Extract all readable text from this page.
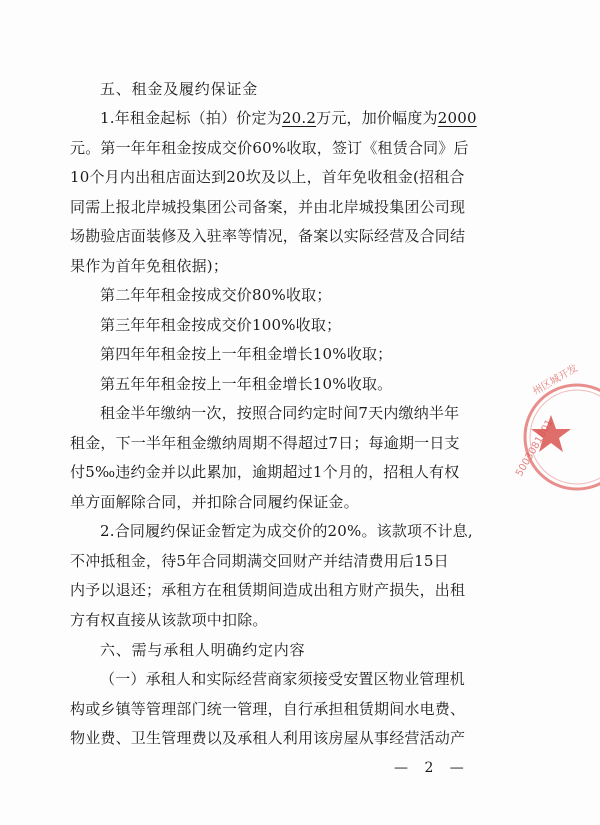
五、租金及履约保证金
1.年租金起标（拍）价定为20.2万元，加价幅度为2000
元。第一年年租金按成交价60%收取，签订《租赁合同》后
10个月内出租店面达到20坎及以上，首年免收租金(招租合
同需上报北岸城投集团公司备案，并由北岸城投集团公司现
场勘验店面装修及入驻率等情况，备案以实际经营及合同结
果作为首年免租依据)；
第二年年租金按成交价80%收取；
第三年年租金按成交价100%收取；
第四年年租金按上一年租金增长10%收取；
第五年年租金按上一年租金增长10%收取。
租金半年缴纳一次，按照合同约定时间7天内缴纳半年
租金，下一半年租金缴纳周期不得超过7日；每逾期一日支
付5‰违约金并以此累加，逾期超过1个月的，招租人有权
单方面解除合同，并扣除合同履约保证金。
2.合同履约保证金暂定为成交价的20%。该款项不计息,
不冲抵租金，待5年合同期满交回财产并结清费用后15日
内予以退还；承租方在租赁期间造成出租方财产损失，出租
方有权直接从该款项中扣除。
六、需与承租人明确约定内容
（一）承租人和实际经营商家须接受安置区物业管理机
构或乡镇等管理部门统一管理，自行承担租赁期间水电费、
物业费、卫生管理费以及承租人利用该房屋从事经营活动产
州区城开发
5003081801
— 2 —
